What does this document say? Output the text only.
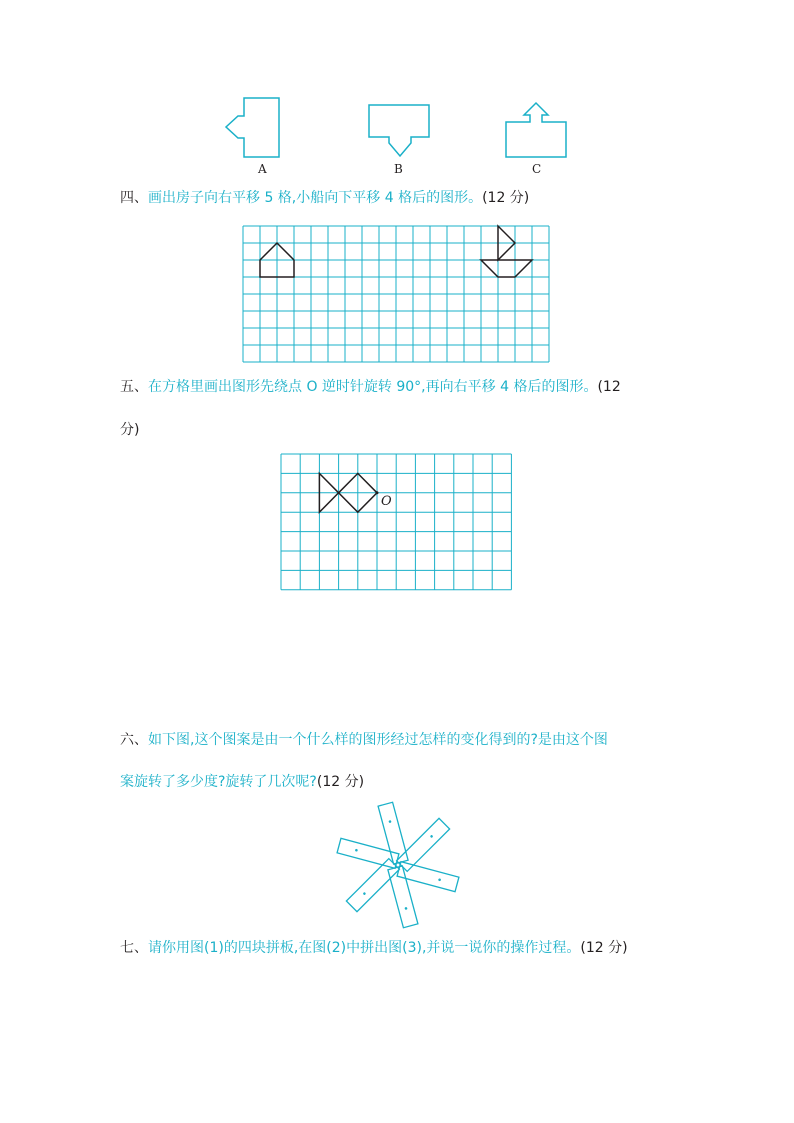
A	B	C
四、画出房子向右平移 5 格,小船向下平移 4 格后的图形。(12 分)
五、在方格里画出图形先绕点 O 逆时针旋转 90°,再向右平移 4 格后的图形。(12
分)
O
六、如下图,这个图案是由一个什么样的图形经过怎样的变化得到的?是由这个图
案旋转了多少度?旋转了几次呢?(12 分)
七、请你用图(1)的四块拼板,在图(2)中拼出图(3),并说一说你的操作过程。(12 分)
